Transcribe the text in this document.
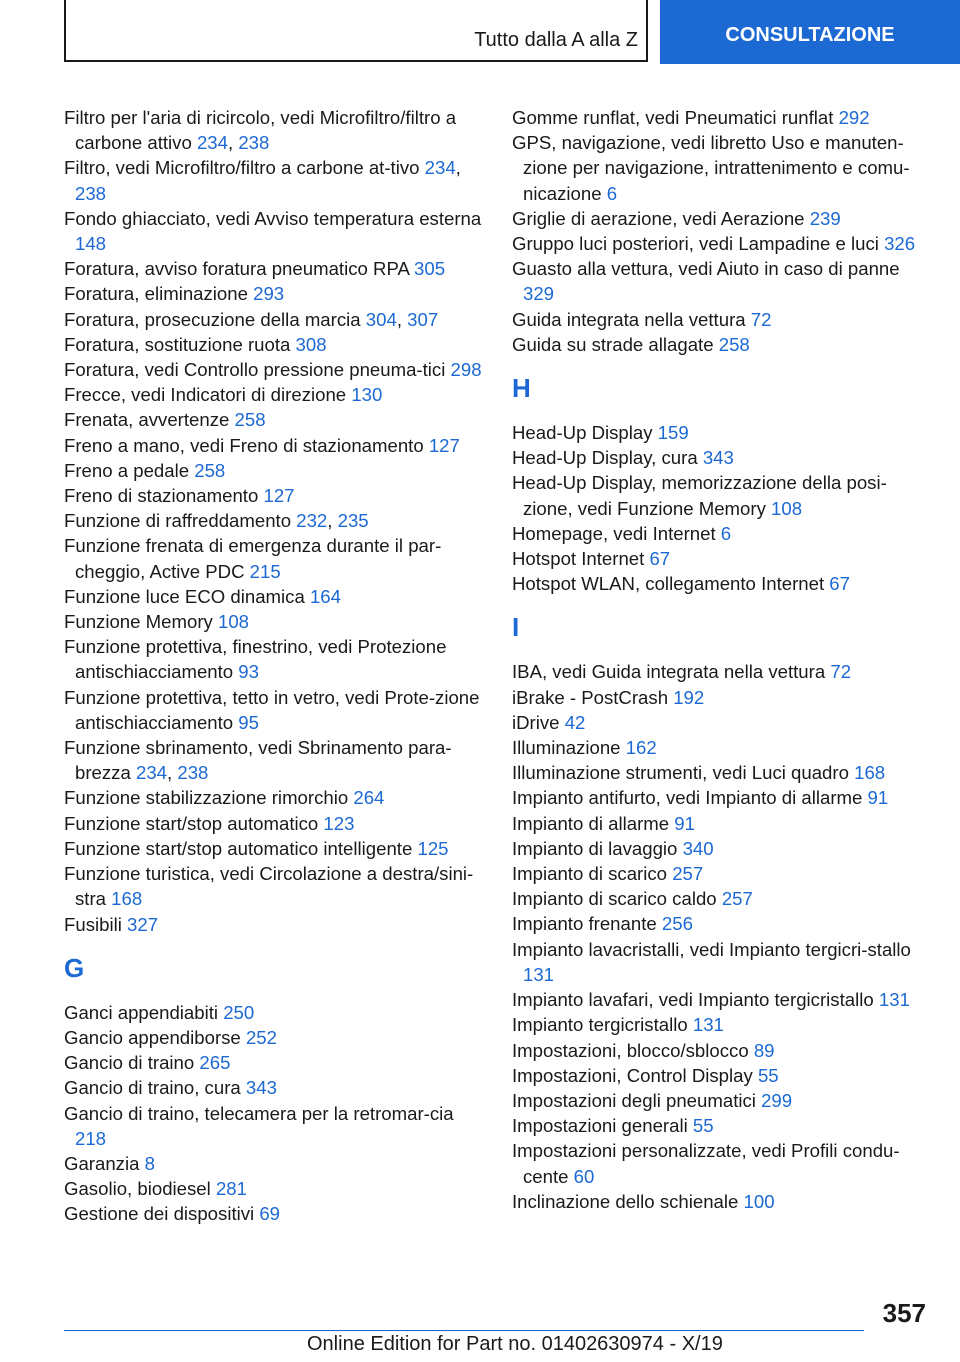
Tutto dalla A alla Z	CONSULTAZIONE
Filtro per l'aria di ricircolo, vedi Microfiltro/filtro a carbone attivo 234, 238
Filtro, vedi Microfiltro/filtro a carbone at-tivo 234, 238
Fondo ghiacciato, vedi Avviso temperatura esterna 148
Foratura, avviso foratura pneumatico RPA 305
Foratura, eliminazione 293
Foratura, prosecuzione della marcia 304, 307
Foratura, sostituzione ruota 308
Foratura, vedi Controllo pressione pneuma-tici 298
Frecce, vedi Indicatori di direzione 130
Frenata, avvertenze 258
Freno a mano, vedi Freno di stazionamento 127
Freno a pedale 258
Freno di stazionamento 127
Funzione di raffreddamento 232, 235
Funzione frenata di emergenza durante il par-cheggio, Active PDC 215
Funzione luce ECO dinamica 164
Funzione Memory 108
Funzione protettiva, finestrino, vedi Protezione antischiacciamento 93
Funzione protettiva, tetto in vetro, vedi Prote-zione antischiacciamento 95
Funzione sbrinamento, vedi Sbrinamento para-brezza 234, 238
Funzione stabilizzazione rimorchio 264
Funzione start/stop automatico 123
Funzione start/stop automatico intelligente 125
Funzione turistica, vedi Circolazione a destra/sini-stra 168
Fusibili 327
G
Ganci appendiabiti 250
Gancio appendiborse 252
Gancio di traino 265
Gancio di traino, cura 343
Gancio di traino, telecamera per la retromar-cia 218
Garanzia 8
Gasolio, biodiesel 281
Gestione dei dispositivi 69
Gomme runflat, vedi Pneumatici runflat 292
GPS, navigazione, vedi libretto Uso e manuten-zione per navigazione, intrattenimento e comu-nicazione 6
Griglie di aerazione, vedi Aerazione 239
Gruppo luci posteriori, vedi Lampadine e luci 326
Guasto alla vettura, vedi Aiuto in caso di panne 329
Guida integrata nella vettura 72
Guida su strade allagate 258
H
Head-Up Display 159
Head-Up Display, cura 343
Head-Up Display, memorizzazione della posi-zione, vedi Funzione Memory 108
Homepage, vedi Internet 6
Hotspot Internet 67
Hotspot WLAN, collegamento Internet 67
I
IBA, vedi Guida integrata nella vettura 72
iBrake - PostCrash 192
iDrive 42
Illuminazione 162
Illuminazione strumenti, vedi Luci quadro 168
Impianto antifurto, vedi Impianto di allarme 91
Impianto di allarme 91
Impianto di lavaggio 340
Impianto di scarico 257
Impianto di scarico caldo 257
Impianto frenante 256
Impianto lavacristalli, vedi Impianto tergicri-stallo 131
Impianto lavafari, vedi Impianto tergicristallo 131
Impianto tergicristallo 131
Impostazioni, blocco/sblocco 89
Impostazioni, Control Display 55
Impostazioni degli pneumatici 299
Impostazioni generali 55
Impostazioni personalizzate, vedi Profili condu-cente 60
Inclinazione dello schienale 100
357
Online Edition for Part no. 01402630974 - X/19
